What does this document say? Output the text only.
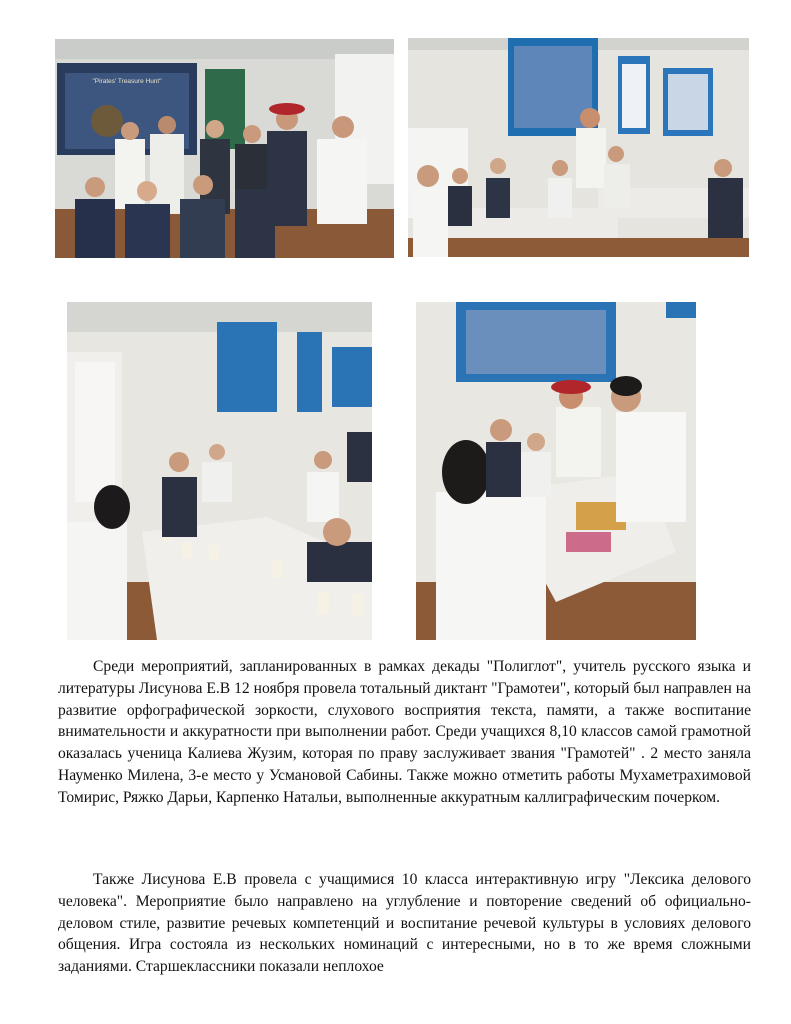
"Pirates' Treasure Hunt"

Среди мероприятий, запланированных в рамках декады "Полиглот", учитель русского языка и литературы Лисунова Е.В 12 ноября провела тотальный диктант "Грамотеи", который был направлен на развитие орфографической зоркости, слухового восприятия текста, памяти, а также воспитание внимательности и аккуратности при выполнении работ. Среди учащихся 8,10 классов самой грамотной оказалась ученица Калиева Жузим, которая по праву заслуживает звания "Грамотей" . 2 место заняла Науменко Милена, 3-е место у Усмановой Сабины. Также можно отметить работы Мухаметрахимовой Томирис, Ряжко Дарьи, Карпенко Натальи, выполненные аккуратным каллиграфическим почерком.

Также Лисунова Е.В провела с учащимися 10 класса интерактивную игру "Лексика делового человека". Мероприятие было направлено на углубление и повторение сведений об официально-деловом стиле, развитие речевых компетенций и воспитание речевой культуры в условиях делового общения. Игра состояла из нескольких номинаций с интересными, но в то же время сложными заданиями. Старшеклассники показали неплохое
